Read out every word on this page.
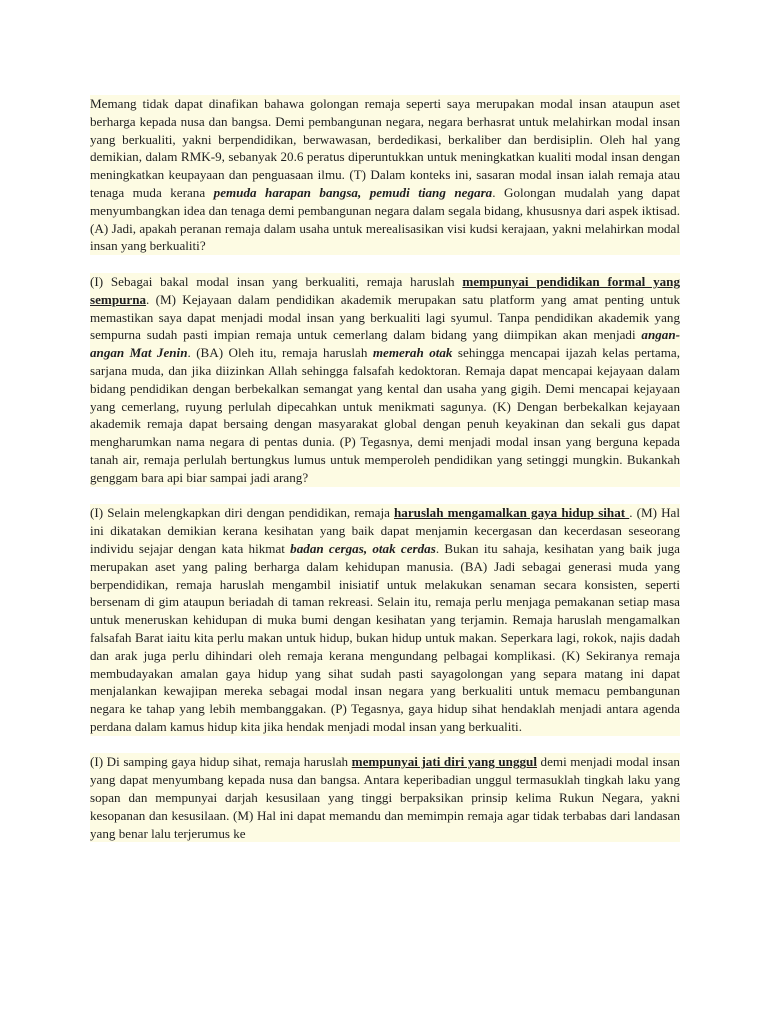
Memang tidak dapat dinafikan bahawa golongan remaja seperti saya merupakan modal insan ataupun aset berharga kepada nusa dan bangsa. Demi pembangunan negara, negara berhasrat untuk melahirkan modal insan yang berkualiti, yakni berpendidikan, berwawasan, berdedikasi, berkaliber dan berdisiplin. Oleh hal yang demikian, dalam RMK-9, sebanyak 20.6 peratus diperuntukkan untuk meningkatkan kualiti modal insan dengan meningkatkan keupayaan dan penguasaan ilmu. (T) Dalam konteks ini, sasaran modal insan ialah remaja atau tenaga muda kerana pemuda harapan bangsa, pemudi tiang negara. Golongan mudalah yang dapat menyumbangkan idea dan tenaga demi pembangunan negara dalam segala bidang, khususnya dari aspek iktisad. (A) Jadi, apakah peranan remaja dalam usaha untuk merealisasikan visi kudsi kerajaan, yakni melahirkan modal insan yang berkualiti?

(I) Sebagai bakal modal insan yang berkualiti, remaja haruslah mempunyai pendidikan formal yang sempurna. (M) Kejayaan dalam pendidikan akademik merupakan satu platform yang amat penting untuk memastikan saya dapat menjadi modal insan yang berkualiti lagi syumul. Tanpa pendidikan akademik yang sempurna sudah pasti impian remaja untuk cemerlang dalam bidang yang diimpikan akan menjadi angan-angan Mat Jenin. (BA) Oleh itu, remaja haruslah memerah otak sehingga mencapai ijazah kelas pertama, sarjana muda, dan jika diizinkan Allah sehingga falsafah kedoktoran. Remaja dapat mencapai kejayaan dalam bidang pendidikan dengan berbekalkan semangat yang kental dan usaha yang gigih. Demi mencapai kejayaan yang cemerlang, ruyung perlulah dipecahkan untuk menikmati sagunya. (K) Dengan berbekalkan kejayaan akademik remaja dapat bersaing dengan masyarakat global dengan penuh keyakinan dan sekali gus dapat mengharumkan nama negara di pentas dunia. (P) Tegasnya, demi menjadi modal insan yang berguna kepada tanah air, remaja perlulah bertungkus lumus untuk memperoleh pendidikan yang setinggi mungkin. Bukankah genggam bara api biar sampai jadi arang?

(I) Selain melengkapkan diri dengan pendidikan, remaja haruslah mengamalkan gaya hidup sihat . (M) Hal ini dikatakan demikian kerana kesihatan yang baik dapat menjamin kecergasan dan kecerdasan seseorang individu sejajar dengan kata hikmat badan cergas, otak cerdas. Bukan itu sahaja, kesihatan yang baik juga merupakan aset yang paling berharga dalam kehidupan manusia. (BA) Jadi sebagai generasi muda yang berpendidikan, remaja haruslah mengambil inisiatif untuk melakukan senaman secara konsisten, seperti bersenam di gim ataupun beriadah di taman rekreasi. Selain itu, remaja perlu menjaga pemakanan setiap masa untuk meneruskan kehidupan di muka bumi dengan kesihatan yang terjamin. Remaja haruslah mengamalkan falsafah Barat iaitu kita perlu makan untuk hidup, bukan hidup untuk makan. Seperkara lagi, rokok, najis dadah dan arak juga perlu dihindari oleh remaja kerana mengundang pelbagai komplikasi. (K) Sekiranya remaja membudayakan amalan gaya hidup yang sihat sudah pasti sayagolongan yang separa matang ini dapat menjalankan kewajipan mereka sebagai modal insan negara yang berkualiti untuk memacu pembangunan negara ke tahap yang lebih membanggakan. (P) Tegasnya, gaya hidup sihat hendaklah menjadi antara agenda perdana dalam kamus hidup kita jika hendak menjadi modal insan yang berkualiti.

(I) Di samping gaya hidup sihat, remaja haruslah mempunyai jati diri yang unggul demi menjadi modal insan yang dapat menyumbang kepada nusa dan bangsa. Antara keperibadian unggul termasuklah tingkah laku yang sopan dan mempunyai darjah kesusilaan yang tinggi berpaksikan prinsip kelima Rukun Negara, yakni kesopanan dan kesusilaan. (M) Hal ini dapat memandu dan memimpin remaja agar tidak terbabas dari landasan yang benar lalu terjerumus ke
